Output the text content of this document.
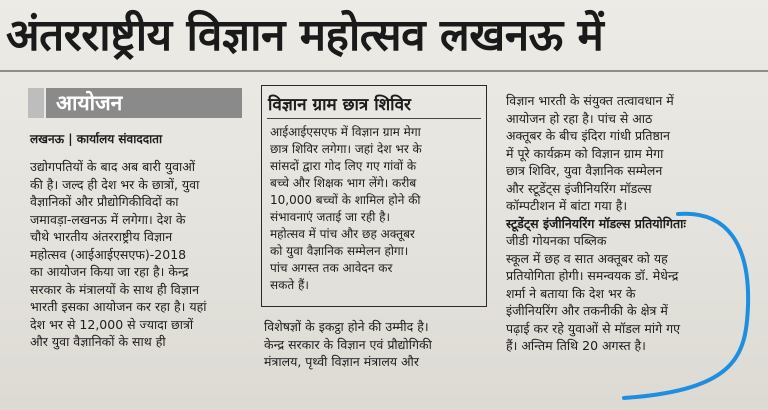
अंतरराष्ट्रीय विज्ञान महोत्सव लखनऊ में
आयोजन
लखनऊ | कार्यालय संवाददाता

उद्योगपतियों के बाद अब बारी युवाओं

की है। जल्द ही देश भर के छात्रों, युवा

वैज्ञानिकों और प्रौद्योगिकीविदों का

जमावड़ा-लखनऊ में लगेगा। देश के

चौथे भारतीय अंतरराष्ट्रीय विज्ञान

महोत्सव (आईआईएसएफ)-2018

का आयोजन किया जा रहा है। केन्द्र

सरकार के मंत्रालयों के साथ ही विज्ञान

भारती इसका आयोजन कर रहा है। यहां

देश भर से 12,000 से ज्यादा छात्रों

और युवा वैज्ञानिकों के साथ ही

विज्ञान ग्राम छात्र शिविर

आईआईएसएफ में विज्ञान ग्राम मेगा

छात्र शिविर लगेगा। जहां देश भर के

सांसदों द्वारा गोद लिए गए गांवों के

बच्चे और शिक्षक भाग लेंगे। करीब

10,000 बच्चों के शामिल होने की

संभावनाएं जताई जा रही है।

महोत्सव में पांच और छह अक्तूबर

को युवा वैज्ञानिक सम्मेलन होगा।

पांच अगस्त तक आवेदन कर

सकते हैं।

विशेषज्ञों के इकट्ठा होने की उम्मीद है।

केन्द्र सरकार के विज्ञान एवं प्रौद्योगिकी

मंत्रालय, पृथ्वी विज्ञान मंत्रालय और

विज्ञान भारती के संयुक्त तत्वावधान में

आयोजन हो रहा है। पांच से आठ

अक्तूबर के बीच इंदिरा गांधी प्रतिष्ठान

में पूरे कार्यक्रम को विज्ञान ग्राम मेगा

छात्र शिविर, युवा वैज्ञानिक सम्मेलन

और स्टूडेंट्स इंजीनियरिंग मॉडल्स

कॉम्पटीशन में बांटा गया है।

स्टूडेंट्स इंजीनियरिंग मॉडल्स प्रतियोगिताः

जीडी गोयनका पब्लिक

स्कूल में छह व सात अक्तूबर को यह

प्रतियोगिता होगी। समन्वयक डॉ. मेधेन्द्र

शर्मा ने बताया कि देश भर के

इंजीनियरिंग और तकनीकी के क्षेत्र में

पढ़ाई कर रहे युवाओं से मॉडल मांगे गए

हैं। अन्तिम तिथि 20 अगस्त है।
